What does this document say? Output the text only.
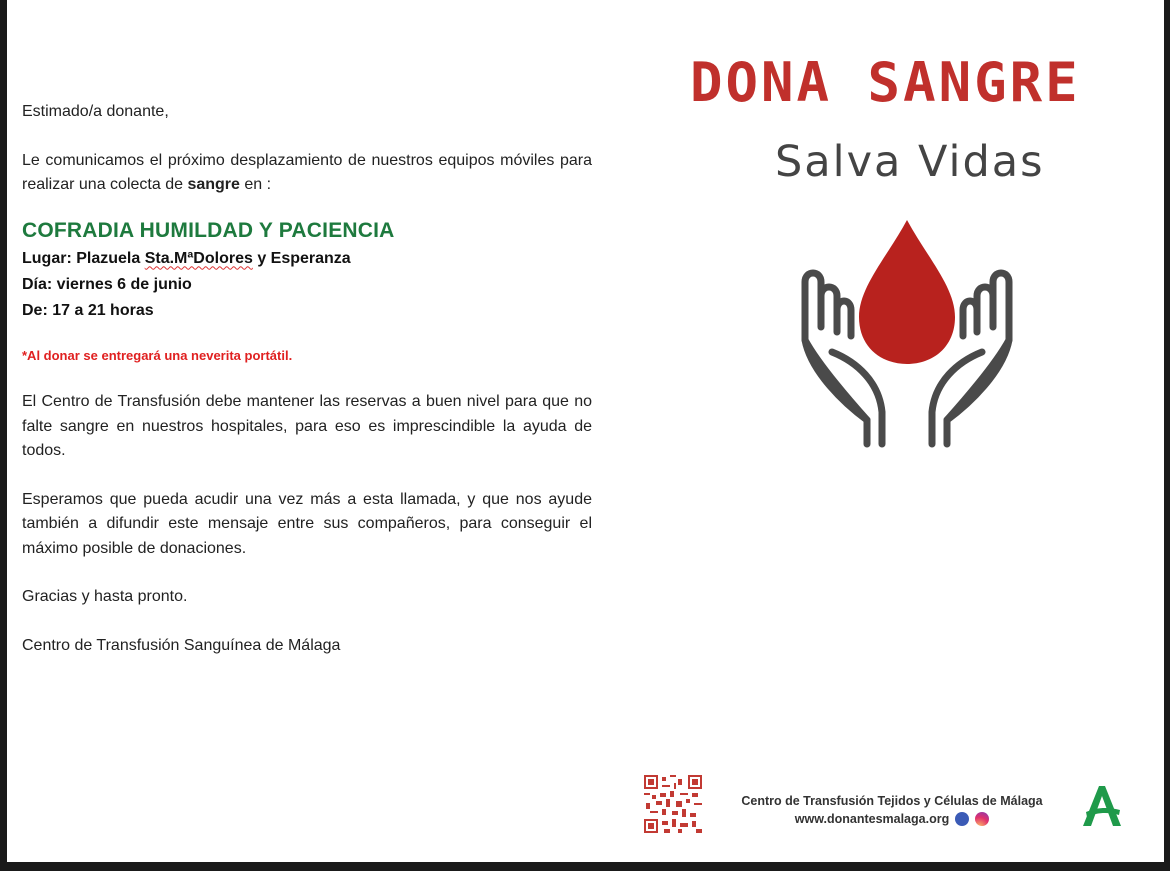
Estimado/a donante,

Le comunicamos el próximo desplazamiento de nuestros equipos móviles para realizar una colecta de sangre en :

COFRADIA HUMILDAD Y PACIENCIA

Lugar: Plazuela Sta.MªDolores y Esperanza

Día: viernes 6 de junio

De: 17 a 21 horas

*Al donar se entregará una neverita portátil.

El Centro de Transfusión debe mantener las reservas a buen nivel para que no falte sangre en nuestros hospitales, para eso es imprescindible la ayuda de todos.

Esperamos que pueda acudir una vez más a esta llamada, y que nos ayude también a difundir este mensaje entre sus compañeros, para conseguir el máximo posible de donaciones.

Gracias y hasta pronto.

Centro de Transfusión Sanguínea de Málaga

DONA SANGRE
Salva Vidas
Centro de Transfusión Tejidos y Células de Málaga
www.donantesmalaga.org
